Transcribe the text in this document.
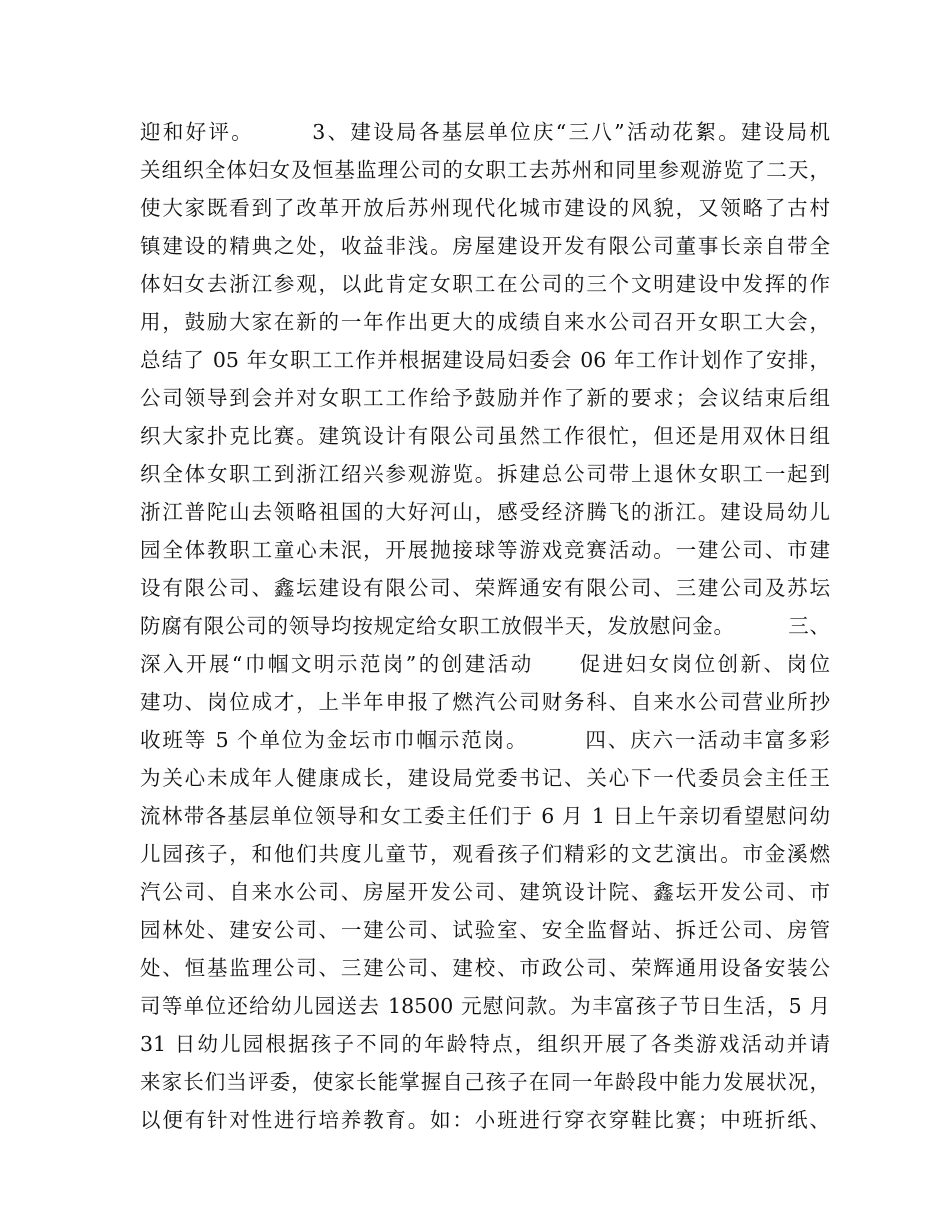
迎和好评。　　　3、建设局各基层单位庆“三八”活动花絮。建设局机
关组织全体妇女及恒基监理公司的女职工去苏州和同里参观游览了二天，
使大家既看到了改革开放后苏州现代化城市建设的风貌，又领略了古村
镇建设的精典之处，收益非浅。房屋建设开发有限公司董事长亲自带全
体妇女去浙江参观，以此肯定女职工在公司的三个文明建设中发挥的作
用，鼓励大家在新的一年作出更大的成绩自来水公司召开女职工大会，
总结了 05 年女职工工作并根据建设局妇委会 06 年工作计划作了安排，
公司领导到会并对女职工工作给予鼓励并作了新的要求；会议结束后组
织大家扑克比赛。建筑设计有限公司虽然工作很忙，但还是用双休日组
织全体女职工到浙江绍兴参观游览。拆建总公司带上退休女职工一起到
浙江普陀山去领略祖国的大好河山，感受经济腾飞的浙江。建设局幼儿
园全体教职工童心未泯，开展抛接球等游戏竞赛活动。一建公司、市建
设有限公司、鑫坛建设有限公司、荣辉通安有限公司、三建公司及苏坛
防腐有限公司的领导均按规定给女职工放假半天，发放慰问金。　　　三、
深入开展“巾帼文明示范岗”的创建活动　　促进妇女岗位创新、岗位
建功、岗位成才，上半年申报了燃汽公司财务科、自来水公司营业所抄
收班等 5 个单位为金坛市巾帼示范岗。　　　四、庆六一活动丰富多彩
为关心未成年人健康成长，建设局党委书记、关心下一代委员会主任王
流林带各基层单位领导和女工委主任们于 6 月 1 日上午亲切看望慰问幼
儿园孩子，和他们共度儿童节，观看孩子们精彩的文艺演出。市金溪燃
汽公司、自来水公司、房屋开发公司、建筑设计院、鑫坛开发公司、市
园林处、建安公司、一建公司、试验室、安全监督站、拆迁公司、房管
处、恒基监理公司、三建公司、建校、市政公司、荣辉通用设备安装公
司等单位还给幼儿园送去 18500 元慰问款。为丰富孩子节日生活，5 月
31 日幼儿园根据孩子不同的年龄特点，组织开展了各类游戏活动并请
来家长们当评委，使家长能掌握自己孩子在同一年龄段中能力发展状况，
以便有针对性进行培养教育。如：小班进行穿衣穿鞋比赛；中班折纸、
